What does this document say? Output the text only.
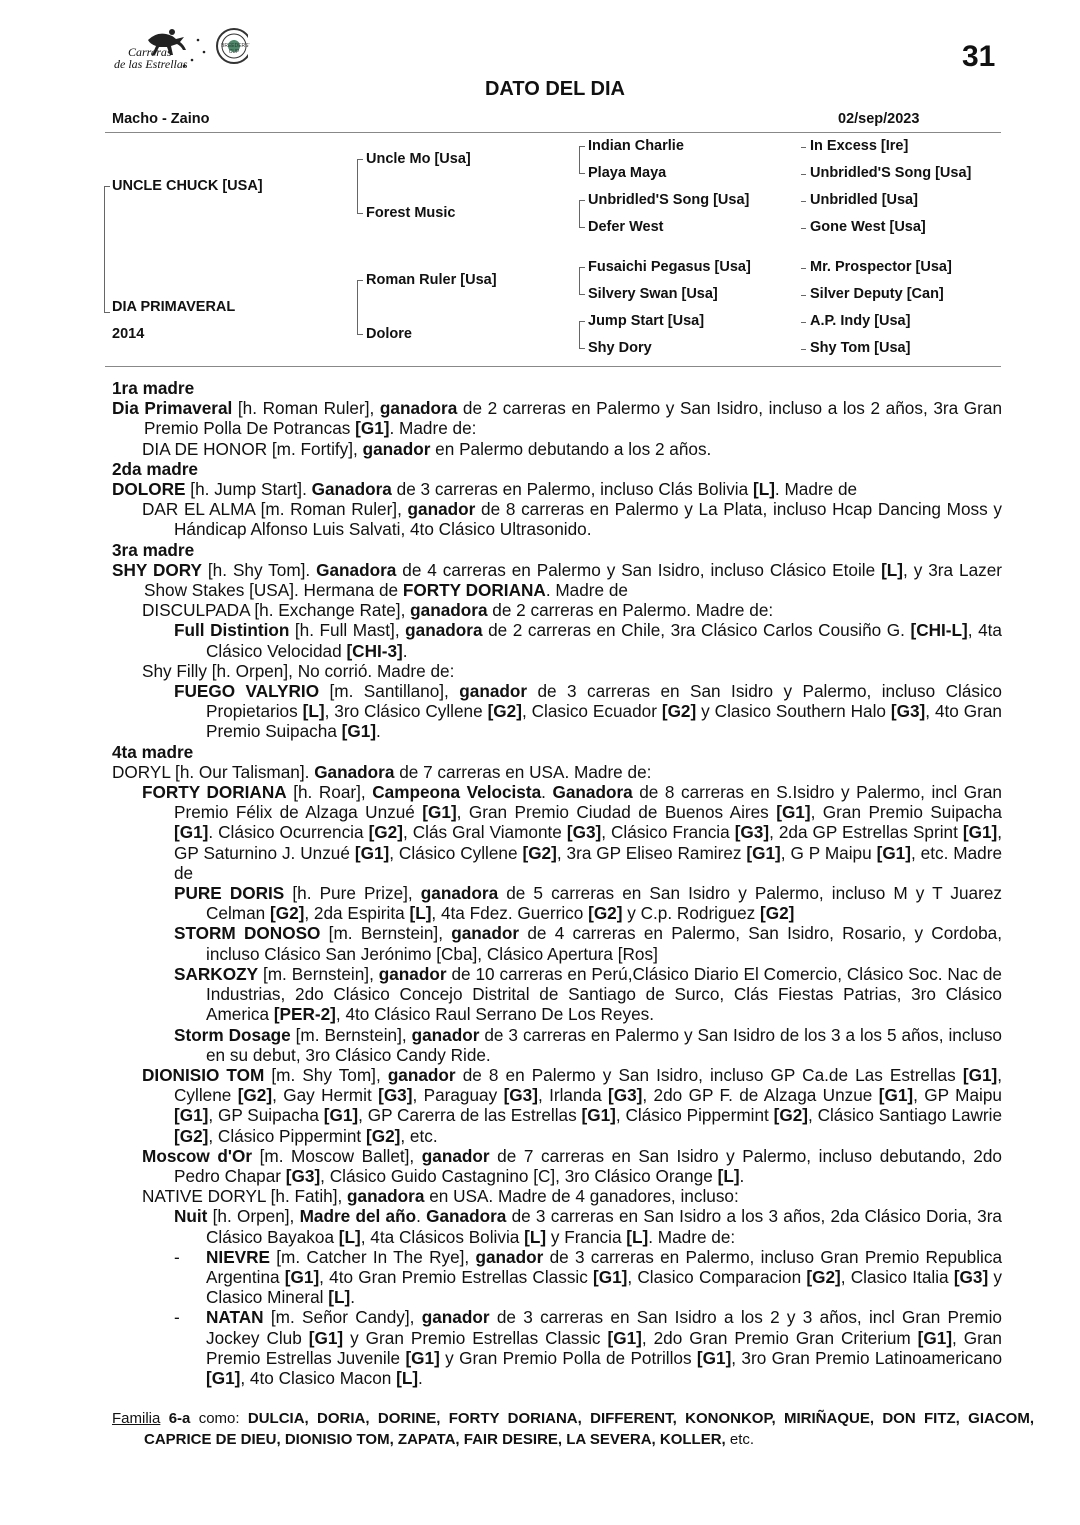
Carreras
de las Estrellas
BREEDERS' CUP	31
DATO DEL DIA
Macho - Zaino	02/sep/2023
UNCLE CHUCK [USA]
DIA PRIMAVERAL
2014
Uncle Mo [Usa]
Forest Music
Roman Ruler [Usa]
Dolore
Indian Charlie
Playa Maya
Unbridled'S Song [Usa]
Defer West
Fusaichi Pegasus [Usa]
Silvery Swan [Usa]
Jump Start [Usa]
Shy Dory
In Excess [Ire]
Unbridled'S Song [Usa]
Unbridled [Usa]
Gone West [Usa]
Mr. Prospector [Usa]
Silver Deputy [Can]
A.P. Indy [Usa]
Shy Tom [Usa]

1ra madre

Dia Primaveral [h. Roman Ruler], ganadora de 2 carreras en Palermo y San Isidro, incluso a los 2 años, 3ra Gran Premio Polla De Potrancas [G1]. Madre de:

DIA DE HONOR [m. Fortify], ganador en Palermo debutando a los 2 años.

2da madre

DOLORE [h. Jump Start]. Ganadora de 3 carreras en Palermo, incluso Clás Bolivia [L]. Madre de

DAR EL ALMA [m. Roman Ruler], ganador de 8 carreras en Palermo y La Plata, incluso Hcap Dancing Moss y Hándicap Alfonso Luis Salvati, 4to Clásico Ultrasonido.

3ra madre

SHY DORY [h. Shy Tom]. Ganadora de 4 carreras en Palermo y San Isidro, incluso Clásico Etoile [L], y 3ra Lazer Show Stakes [USA]. Hermana de FORTY DORIANA. Madre de

DISCULPADA [h. Exchange Rate], ganadora de 2 carreras en Palermo. Madre de:

Full Distintion [h. Full Mast], ganadora de 2 carreras en Chile, 3ra Clásico Carlos Cousiño G. [CHI-L], 4ta Clásico Velocidad [CHI-3].

Shy Filly [h. Orpen], No corrió. Madre de:

FUEGO VALYRIO [m. Santillano], ganador de 3 carreras en San Isidro y Palermo, incluso Clásico Propietarios [L], 3ro Clásico Cyllene [G2], Clasico Ecuador [G2] y Clasico Southern Halo [G3], 4to Gran Premio Suipacha [G1].

4ta madre

DORYL [h. Our Talisman]. Ganadora de 7 carreras en USA. Madre de:

FORTY DORIANA [h. Roar], Campeona Velocista. Ganadora de 8 carreras en S.Isidro y Palermo, incl Gran Premio Félix de Alzaga Unzué [G1], Gran Premio Ciudad de Buenos Aires [G1], Gran Premio Suipacha [G1]. Clásico Ocurrencia [G2], Clás Gral Viamonte [G3], Clásico Francia [G3], 2da GP Estrellas Sprint [G1], GP Saturnino J. Unzué [G1], Clásico Cyllene [G2], 3ra GP Eliseo Ramirez [G1], G P Maipu [G1], etc. Madre de

PURE DORIS [h. Pure Prize], ganadora de 5 carreras en San Isidro y Palermo, incluso M y T Juarez Celman [G2], 2da Espirita [L], 4ta Fdez. Guerrico [G2] y C.p. Rodriguez [G2]

STORM DONOSO [m. Bernstein], ganador de 4 carreras en Palermo, San Isidro, Rosario, y Cordoba, incluso Clásico San Jerónimo [Cba], Clásico Apertura [Ros]

SARKOZY [m. Bernstein], ganador de 10 carreras en Perú,Clásico Diario El Comercio, Clásico Soc. Nac de Industrias, 2do Clásico Concejo Distrital de Santiago de Surco, Clás Fiestas Patrias, 3ro Clásico America [PER-2], 4to Clásico Raul Serrano De Los Reyes.

Storm Dosage [m. Bernstein], ganador de 3 carreras en Palermo y San Isidro de los 3 a los 5 años, incluso en su debut, 3ro Clásico Candy Ride.

DIONISIO TOM [m. Shy Tom], ganador de 8 en Palermo y San Isidro, incluso GP Ca.de Las Estrellas [G1], Cyllene [G2], Gay Hermit [G3], Paraguay [G3], Irlanda [G3], 2do GP F. de Alzaga Unzue [G1], GP Maipu [G1], GP Suipacha [G1], GP Carerra de las Estrellas [G1], Clásico Pippermint [G2], Clásico Santiago Lawrie [G2], Clásico Pippermint [G2], etc.

Moscow d'Or [m. Moscow Ballet], ganador de 7 carreras en San Isidro y Palermo, incluso debutando, 2do Pedro Chapar [G3], Clásico Guido Castagnino [C], 3ro Clásico Orange [L].

NATIVE DORYL [h. Fatih], ganadora en USA. Madre de 4 ganadores, incluso:

Nuit [h. Orpen], Madre del año. Ganadora de 3 carreras en San Isidro a los 3 años, 2da Clásico Doria, 3ra Clásico Bayakoa [L], 4ta Clásicos Bolivia [L] y Francia [L]. Madre de:

- NIEVRE [m. Catcher In The Rye], ganador de 3 carreras en Palermo, incluso Gran Premio Republica Argentina [G1], 4to Gran Premio Estrellas Classic [G1], Clasico Comparacion [G2], Clasico Italia [G3] y Clasico Mineral [L].

- NATAN [m. Señor Candy], ganador de 3 carreras en San Isidro a los 2 y 3 años, incl Gran Premio Jockey Club [G1] y Gran Premio Estrellas Classic [G1], 2do Gran Premio Gran Criterium [G1], Gran Premio Estrellas Juvenile [G1] y Gran Premio Polla de Potrillos [G1], 3ro Gran Premio Latinoamericano [G1], 4to Clasico Macon [L].

Familia 6-a como: DULCIA, DORIA, DORINE, FORTY DORIANA, DIFFERENT, KONONKOP, MIRIÑAQUE, DON FITZ, GIACOM, CAPRICE DE DIEU, DIONISIO TOM, ZAPATA, FAIR DESIRE, LA SEVERA, KOLLER, etc.
